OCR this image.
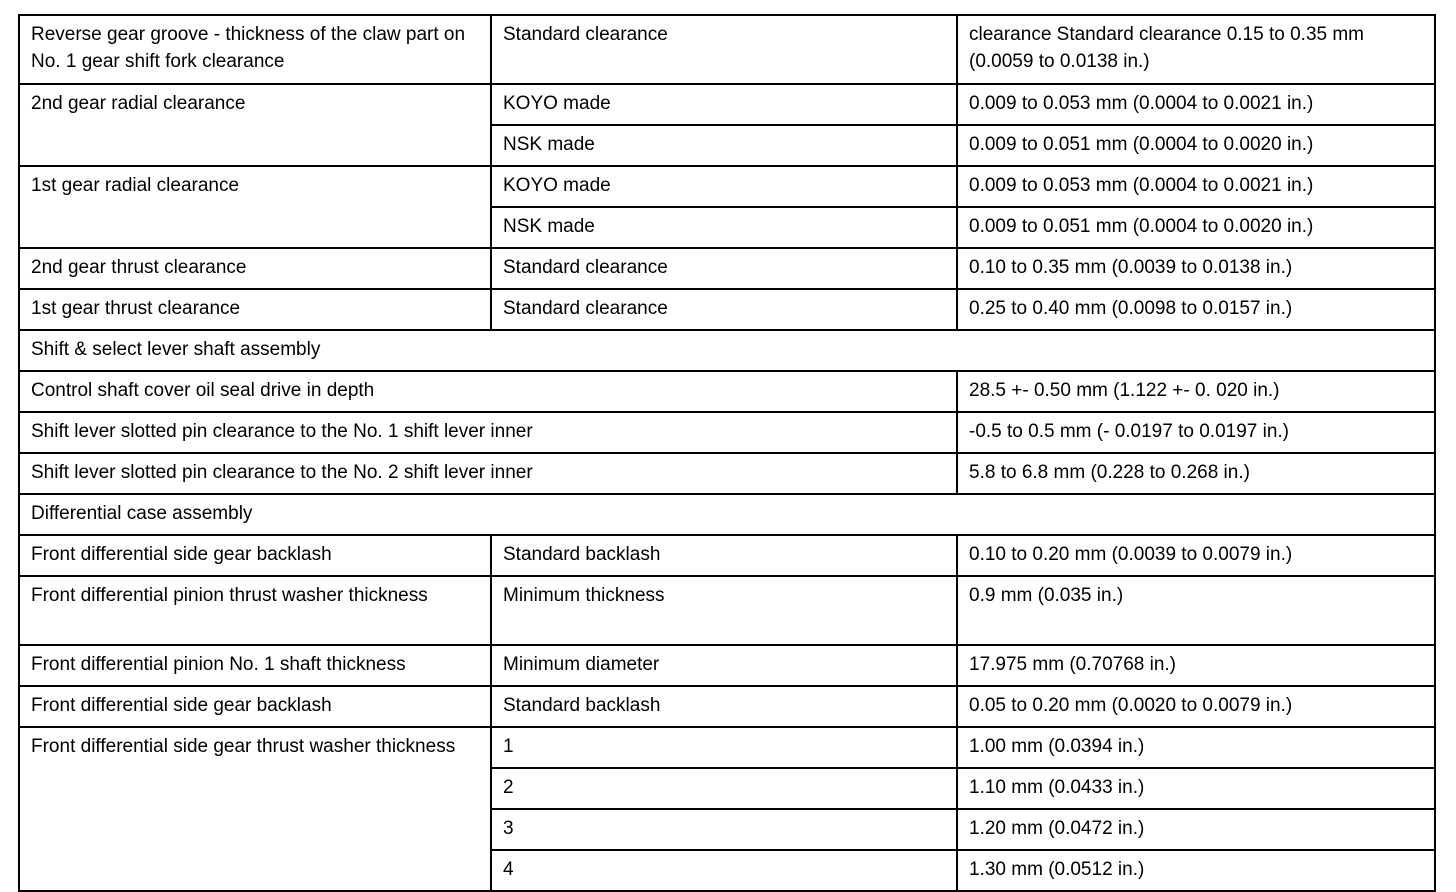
Reverse gear groove - thickness of the claw part on No. 1 gear shift fork clearance	Standard clearance	clearance Standard clearance 0.15 to 0.35 mm (0.0059 to 0.0138 in.)
2nd gear radial clearance	KOYO made	0.009 to 0.053 mm (0.0004 to 0.0021 in.)
	NSK made	0.009 to 0.051 mm (0.0004 to 0.0020 in.)
1st gear radial clearance	KOYO made	0.009 to 0.053 mm (0.0004 to 0.0021 in.)
	NSK made	0.009 to 0.051 mm (0.0004 to 0.0020 in.)
2nd gear thrust clearance	Standard clearance	0.10 to 0.35 mm (0.0039 to 0.0138 in.)
1st gear thrust clearance	Standard clearance	0.25 to 0.40 mm (0.0098 to 0.0157 in.)
Shift & select lever shaft assembly		
Control shaft cover oil seal drive in depth		28.5 +- 0.50 mm (1.122 +- 0. 020 in.)
Shift lever slotted pin clearance to the No. 1 shift lever inner		-0.5 to 0.5 mm (- 0.0197 to 0.0197 in.)
Shift lever slotted pin clearance to the No. 2 shift lever inner		5.8 to 6.8 mm (0.228 to 0.268 in.)
Differential case assembly		
Front differential side gear backlash	Standard backlash	0.10 to 0.20 mm (0.0039 to 0.0079 in.)
Front differential pinion thrust washer thickness	Minimum thickness	0.9 mm (0.035 in.)
Front differential pinion No. 1 shaft thickness	Minimum diameter	17.975 mm (0.70768 in.)
Front differential side gear backlash	Standard backlash	0.05 to 0.20 mm (0.0020 to 0.0079 in.)
Front differential side gear thrust washer thickness	1	1.00 mm (0.0394 in.)
	2	1.10 mm (0.0433 in.)
	3	1.20 mm (0.0472 in.)
	4	1.30 mm (0.0512 in.)
